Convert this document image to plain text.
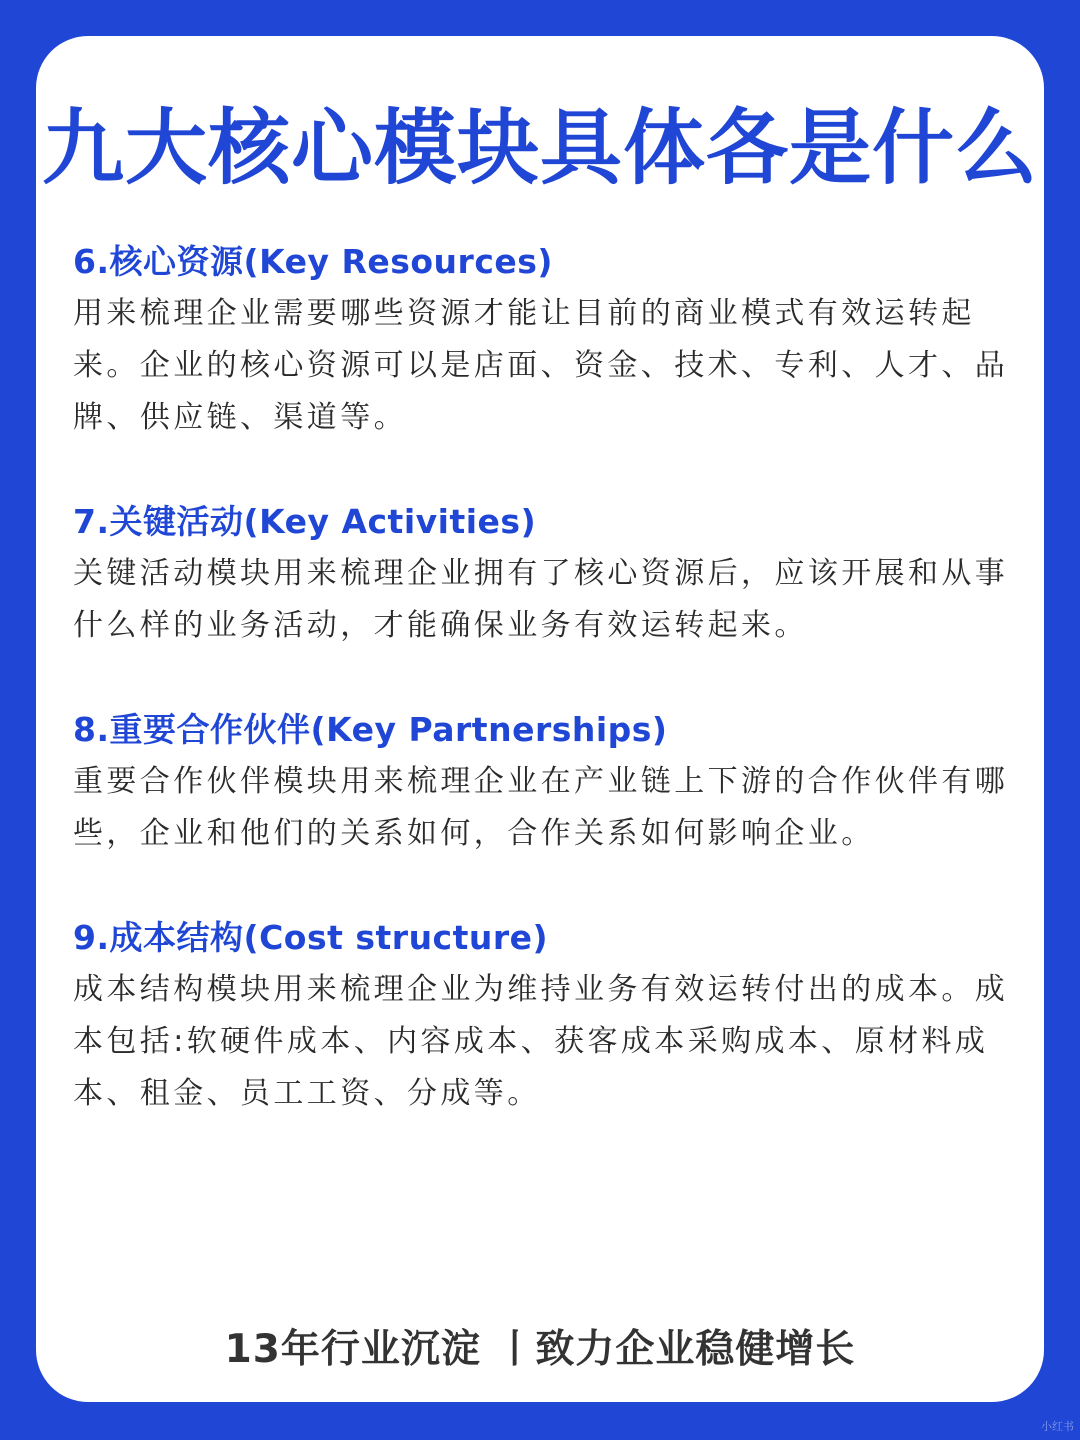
九大核心模块具体各是什么
6.核心资源(Key Resources)
用来梳理企业需要哪些资源才能让目前的商业模式有效运转起来。企业的核心资源可以是店面、资金、技术、专利、人才、品牌、供应链、渠道等。
7.关键活动(Key Activities)
关键活动模块用来梳理企业拥有了核心资源后，应该开展和从事什么样的业务活动，才能确保业务有效运转起来。
8.重要合作伙伴(Key Partnerships)
重要合作伙伴模块用来梳理企业在产业链上下游的合作伙伴有哪些，企业和他们的关系如何，合作关系如何影响企业。
9.成本结构(Cost structure)
成本结构模块用来梳理企业为维持业务有效运转付出的成本。成本包括:软硬件成本、内容成本、获客成本采购成本、原材料成本、租金、员工工资、分成等。
13年行业沉淀 丨致力企业稳健增长
小红书
